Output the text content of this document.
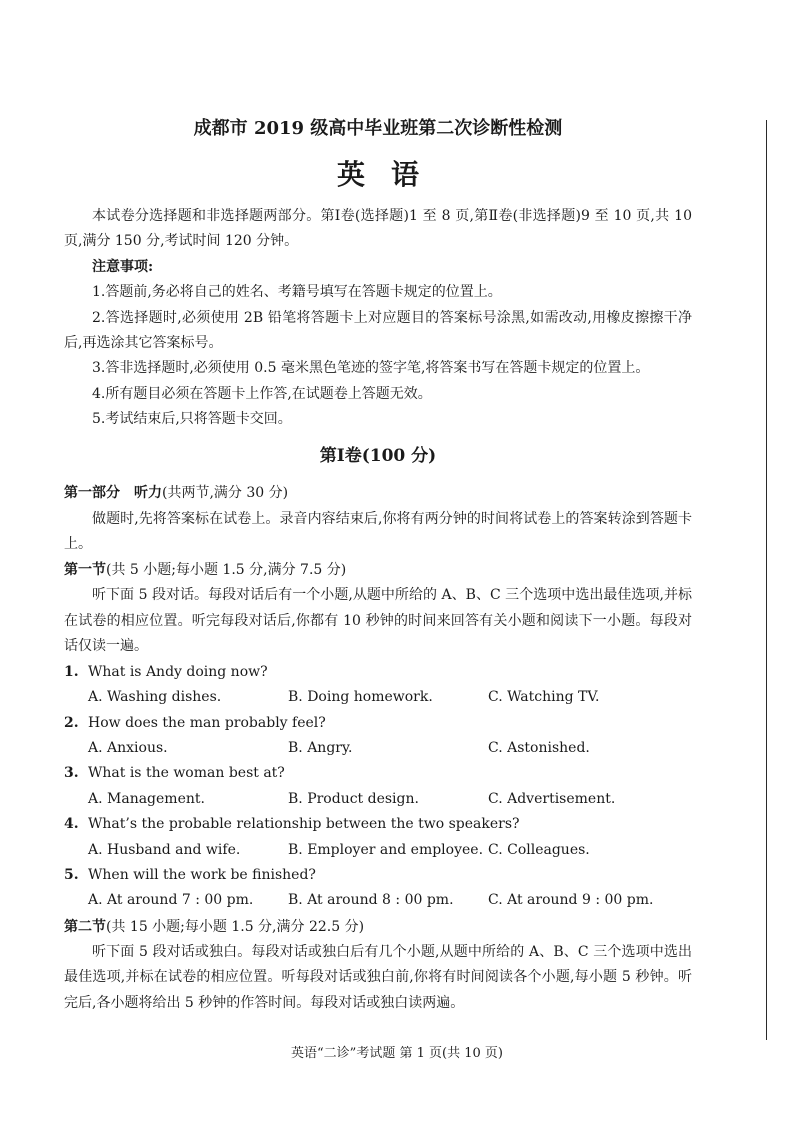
成都市 2019 级高中毕业班第二次诊断性检测
英语

本试卷分选择题和非选择题两部分。第Ⅰ卷(选择题)1 至 8 页,第Ⅱ卷(非选择题)9 至 10 页,共 10 页,满分 150 分,考试时间 120 分钟。

注意事项:

1.答题前,务必将自己的姓名、考籍号填写在答题卡规定的位置上。

2.答选择题时,必须使用 2B 铅笔将答题卡上对应题目的答案标号涂黑,如需改动,用橡皮擦擦干净后,再选涂其它答案标号。

3.答非选择题时,必须使用 0.5 毫米黑色笔迹的签字笔,将答案书写在答题卡规定的位置上。

4.所有题目必须在答题卡上作答,在试题卷上答题无效。

5.考试结束后,只将答题卡交回。

第Ⅰ卷(100 分)

第一部分 听力(共两节,满分 30 分)

做题时,先将答案标在试卷上。录音内容结束后,你将有两分钟的时间将试卷上的答案转涂到答题卡上。

第一节(共 5 小题;每小题 1.5 分,满分 7.5 分)

听下面 5 段对话。每段对话后有一个小题,从题中所给的 A、B、C 三个选项中选出最佳选项,并标在试卷的相应位置。听完每段对话后,你都有 10 秒钟的时间来回答有关小题和阅读下一小题。每段对话仅读一遍。

1. What is Andy doing now?

A. Washing dishes.	B. Doing homework.	C. Watching TV.

2. How does the man probably feel?

A. Anxious.	B. Angry.	C. Astonished.

3. What is the woman best at?

A. Management.	B. Product design.	C. Advertisement.

4. What’s the probable relationship between the two speakers?

A. Husband and wife.	B. Employer and employee. C. Colleagues.

5. When will the work be finished?

A. At around 7 : 00 pm.	B. At around 8 : 00 pm.	C. At around 9 : 00 pm.

第二节(共 15 小题;每小题 1.5 分,满分 22.5 分)

听下面 5 段对话或独白。每段对话或独白后有几个小题,从题中所给的 A、B、C 三个选项中选出最佳选项,并标在试卷的相应位置。听每段对话或独白前,你将有时间阅读各个小题,每小题 5 秒钟。听完后,各小题将给出 5 秒钟的作答时间。每段对话或独白读两遍。

英语“二诊”考试题 第 1 页(共 10 页)
